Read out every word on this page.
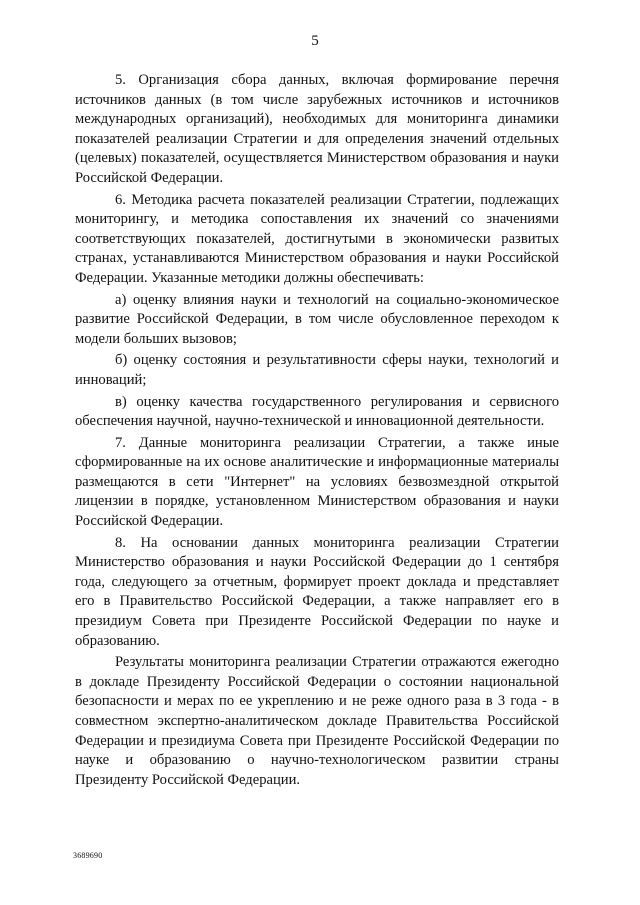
5

5. Организация сбора данных, включая формирование перечня источников данных (в том числе зарубежных источников и источников международных организаций), необходимых для мониторинга динамики показателей реализации Стратегии и для определения значений отдельных (целевых) показателей, осуществляется Министерством образования и науки Российской Федерации.

6. Методика расчета показателей реализации Стратегии, подлежащих мониторингу, и методика сопоставления их значений со значениями соответствующих показателей, достигнутыми в экономически развитых странах, устанавливаются Министерством образования и науки Российской Федерации. Указанные методики должны обеспечивать:

а) оценку влияния науки и технологий на социально-экономическое развитие Российской Федерации, в том числе обусловленное переходом к модели больших вызовов;

б) оценку состояния и результативности сферы науки, технологий и инноваций;

в) оценку качества государственного регулирования и сервисного обеспечения научной, научно-технической и инновационной деятельности.

7. Данные мониторинга реализации Стратегии, а также иные сформированные на их основе аналитические и информационные материалы размещаются в сети "Интернет" на условиях безвозмездной открытой лицензии в порядке, установленном Министерством образования и науки Российской Федерации.

8. На основании данных мониторинга реализации Стратегии Министерство образования и науки Российской Федерации до 1 сентября года, следующего за отчетным, формирует проект доклада и представляет его в Правительство Российской Федерации, а также направляет его в президиум Совета при Президенте Российской Федерации по науке и образованию.

Результаты мониторинга реализации Стратегии отражаются ежегодно в докладе Президенту Российской Федерации о состоянии национальной безопасности и мерах по ее укреплению и не реже одного раза в 3 года - в совместном экспертно-аналитическом докладе Правительства Российской Федерации и президиума Совета при Президенте Российской Федерации по науке и образованию о научно-технологическом развитии страны Президенту Российской Федерации.

3689690
